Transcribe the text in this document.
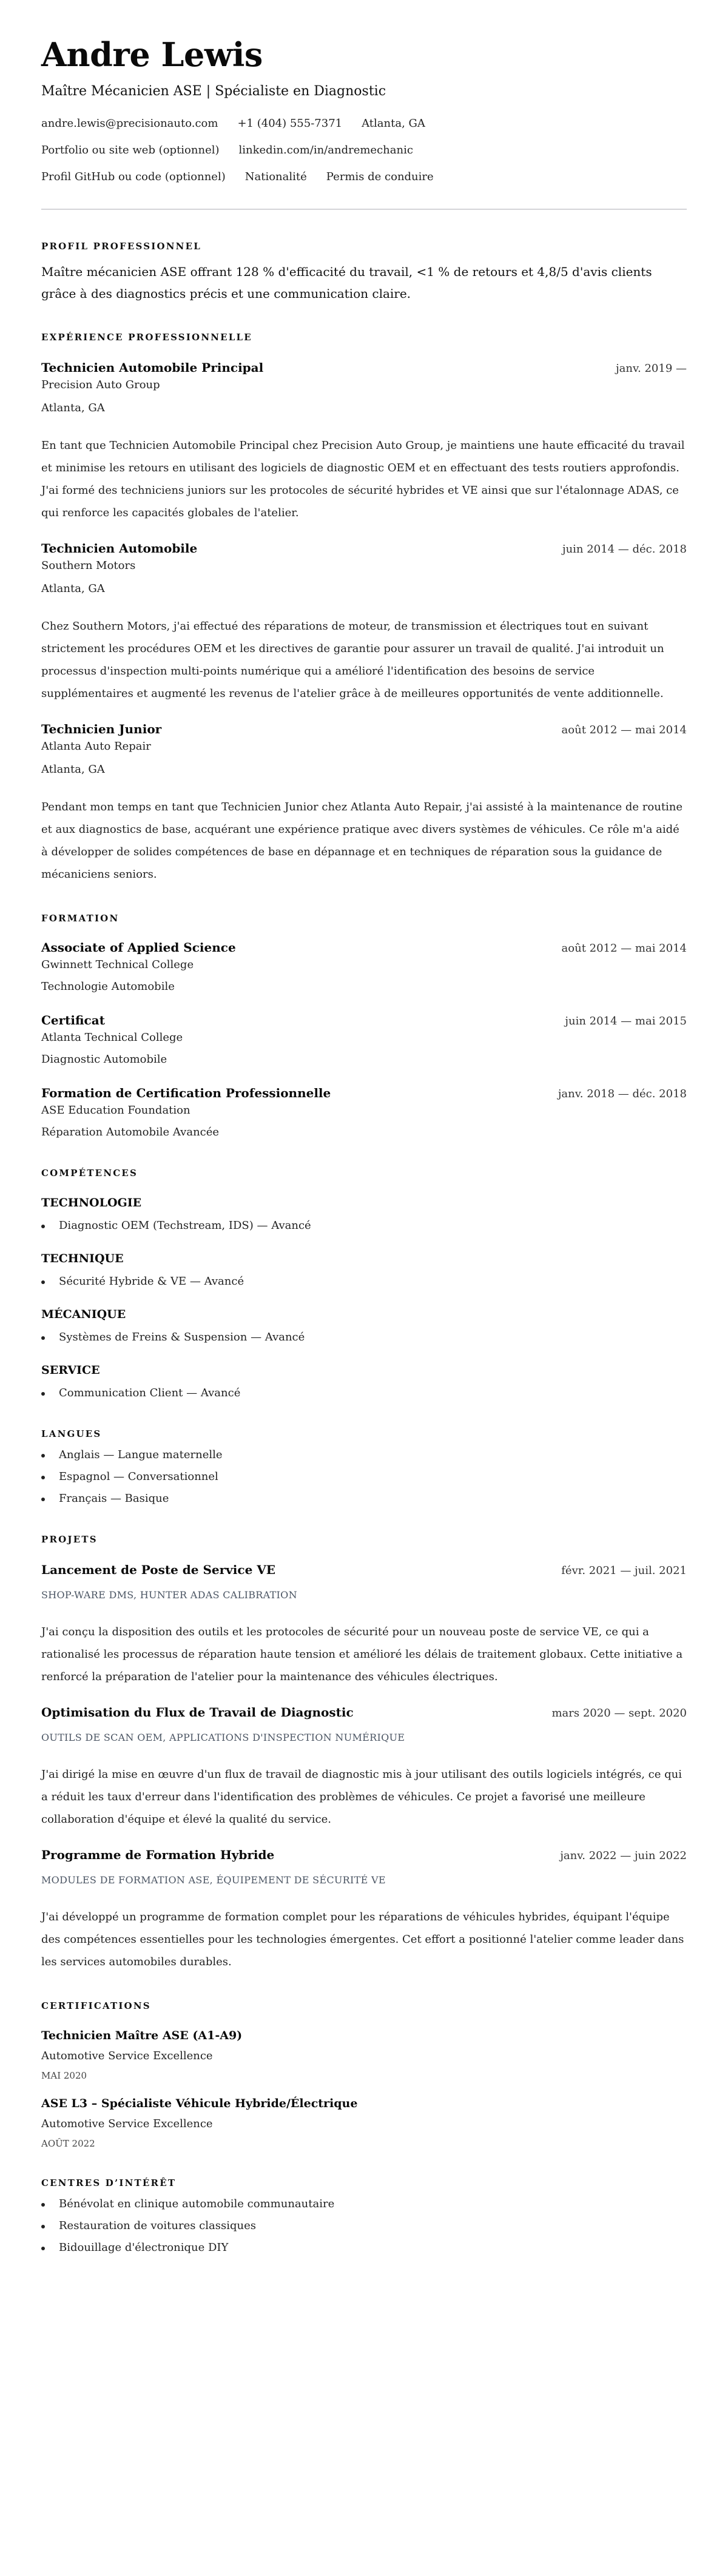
Andre Lewis
Maître Mécanicien ASE | Spécialiste en Diagnostic
andre.lewis@precisionauto.com +1 (404) 555-7371 Atlanta, GA
Portfolio ou site web (optionnel) linkedin.com/in/andremechanic
Profil GitHub ou code (optionnel) Nationalité Permis de conduire
PROFIL PROFESSIONNEL

Maître mécanicien ASE offrant 128 % d'efficacité du travail, <1 % de retours et 4,8/5 d'avis clients grâce à des diagnostics précis et une communication claire.

EXPÉRIENCE PROFESSIONNELLE
Technicien Automobile Principal	janv. 2019 —
Precision Auto Group
Atlanta, GA

En tant que Technicien Automobile Principal chez Precision Auto Group, je maintiens une haute efficacité du travail et minimise les retours en utilisant des logiciels de diagnostic OEM et en effectuant des tests routiers approfondis. J'ai formé des techniciens juniors sur les protocoles de sécurité hybrides et VE ainsi que sur l'étalonnage ADAS, ce qui renforce les capacités globales de l'atelier.

Technicien Automobile	juin 2014 — déc. 2018
Southern Motors
Atlanta, GA

Chez Southern Motors, j'ai effectué des réparations de moteur, de transmission et électriques tout en suivant strictement les procédures OEM et les directives de garantie pour assurer un travail de qualité. J'ai introduit un processus d'inspection multi-points numérique qui a amélioré l'identification des besoins de service supplémentaires et augmenté les revenus de l'atelier grâce à de meilleures opportunités de vente additionnelle.

Technicien Junior	août 2012 — mai 2014
Atlanta Auto Repair
Atlanta, GA

Pendant mon temps en tant que Technicien Junior chez Atlanta Auto Repair, j'ai assisté à la maintenance de routine et aux diagnostics de base, acquérant une expérience pratique avec divers systèmes de véhicules. Ce rôle m'a aidé à développer de solides compétences de base en dépannage et en techniques de réparation sous la guidance de mécaniciens seniors.

FORMATION
Associate of Applied Science	août 2012 — mai 2014
Gwinnett Technical College
Technologie Automobile
Certificat	juin 2014 — mai 2015
Atlanta Technical College
Diagnostic Automobile
Formation de Certification Professionnelle	janv. 2018 — déc. 2018
ASE Education Foundation
Réparation Automobile Avancée
COMPÉTENCES
TECHNOLOGIE
Diagnostic OEM (Techstream, IDS) — Avancé
TECHNIQUE
Sécurité Hybride & VE — Avancé
MÉCANIQUE
Systèmes de Freins & Suspension — Avancé
SERVICE
Communication Client — Avancé
LANGUES
Anglais — Langue maternelle
Espagnol — Conversationnel
Français — Basique
PROJETS
Lancement de Poste de Service VE	févr. 2021 — juil. 2021
SHOP-WARE DMS, HUNTER ADAS CALIBRATION

J'ai conçu la disposition des outils et les protocoles de sécurité pour un nouveau poste de service VE, ce qui a rationalisé les processus de réparation haute tension et amélioré les délais de traitement globaux. Cette initiative a renforcé la préparation de l'atelier pour la maintenance des véhicules électriques.

Optimisation du Flux de Travail de Diagnostic	mars 2020 — sept. 2020
OUTILS DE SCAN OEM, APPLICATIONS D'INSPECTION NUMÉRIQUE

J'ai dirigé la mise en œuvre d'un flux de travail de diagnostic mis à jour utilisant des outils logiciels intégrés, ce qui a réduit les taux d'erreur dans l'identification des problèmes de véhicules. Ce projet a favorisé une meilleure collaboration d'équipe et élevé la qualité du service.

Programme de Formation Hybride	janv. 2022 — juin 2022
MODULES DE FORMATION ASE, ÉQUIPEMENT DE SÉCURITÉ VE

J'ai développé un programme de formation complet pour les réparations de véhicules hybrides, équipant l'équipe des compétences essentielles pour les technologies émergentes. Cet effort a positionné l'atelier comme leader dans les services automobiles durables.

CERTIFICATIONS
Technicien Maître ASE (A1-A9)
Automotive Service Excellence
MAI 2020
ASE L3 – Spécialiste Véhicule Hybride/Électrique
Automotive Service Excellence
AOÛT 2022
CENTRES D’INTÉRÊT
Bénévolat en clinique automobile communautaire
Restauration de voitures classiques
Bidouillage d'électronique DIY
